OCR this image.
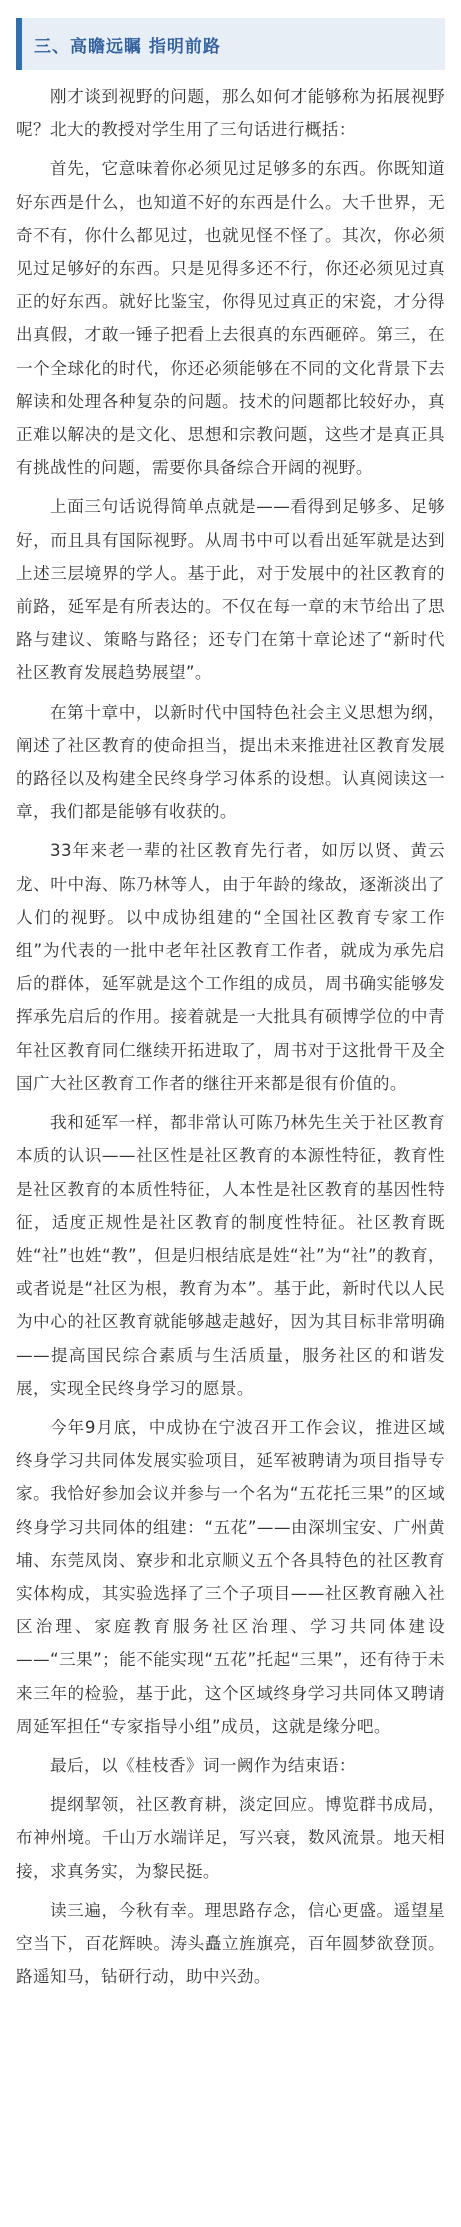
三、高瞻远瞩 指明前路

刚才谈到视野的问题，那么如何才能够称为拓展视野呢？北大的教授对学生用了三句话进行概括：

首先，它意味着你必须见过足够多的东西。你既知道好东西是什么，也知道不好的东西是什么。大千世界，无奇不有，你什么都见过，也就见怪不怪了。其次，你必须见过足够好的东西。只是见得多还不行，你还必须见过真正的好东西。就好比鉴宝，你得见过真正的宋瓷，才分得出真假，才敢一锤子把看上去很真的东西砸碎。第三，在一个全球化的时代，你还必须能够在不同的文化背景下去解读和处理各种复杂的问题。技术的问题都比较好办，真正难以解决的是文化、思想和宗教问题，这些才是真正具有挑战性的问题，需要你具备综合开阔的视野。

上面三句话说得简单点就是——看得到足够多、足够好，而且具有国际视野。从周书中可以看出延军就是达到上述三层境界的学人。基于此，对于发展中的社区教育的前路，延军是有所表达的。不仅在每一章的末节给出了思路与建议、策略与路径；还专门在第十章论述了“新时代社区教育发展趋势展望”。

在第十章中，以新时代中国特色社会主义思想为纲，阐述了社区教育的使命担当，提出未来推进社区教育发展的路径以及构建全民终身学习体系的设想。认真阅读这一章，我们都是能够有收获的。

33年来老一辈的社区教育先行者，如厉以贤、黄云龙、叶中海、陈乃林等人，由于年龄的缘故，逐渐淡出了人们的视野。以中成协组建的“全国社区教育专家工作组”为代表的一批中老年社区教育工作者，就成为承先启后的群体，延军就是这个工作组的成员，周书确实能够发挥承先启后的作用。接着就是一大批具有硕博学位的中青年社区教育同仁继续开拓进取了，周书对于这批骨干及全国广大社区教育工作者的继往开来都是很有价值的。

我和延军一样，都非常认可陈乃林先生关于社区教育本质的认识——社区性是社区教育的本源性特征，教育性是社区教育的本质性特征，人本性是社区教育的基因性特征，适度正规性是社区教育的制度性特征。社区教育既姓“社”也姓“教”，但是归根结底是姓“社”为“社”的教育，或者说是“社区为根，教育为本”。基于此，新时代以人民为中心的社区教育就能够越走越好，因为其目标非常明确——提高国民综合素质与生活质量，服务社区的和谐发展，实现全民终身学习的愿景。

今年9月底，中成协在宁波召开工作会议，推进区域终身学习共同体发展实验项目，延军被聘请为项目指导专家。我恰好参加会议并参与一个名为“五花托三果”的区域终身学习共同体的组建：“五花”——由深圳宝安、广州黄埔、东莞凤岗、寮步和北京顺义五个各具特色的社区教育实体构成，其实验选择了三个子项目——社区教育融入社区治理、家庭教育服务社区治理、学习共同体建设——“三果”；能不能实现“五花”托起“三果”，还有待于未来三年的检验，基于此，这个区域终身学习共同体又聘请周延军担任“专家指导小组”成员，这就是缘分吧。

最后，以《桂枝香》词一阙作为结束语：

提纲挈领，社区教育耕，淡定回应。博览群书成局，布神州境。千山万水端详足，写兴衰，数风流景。地天相接，求真务实，为黎民挺。

读三遍，今秋有幸。理思路存念，信心更盛。遥望星空当下，百花辉映。涛头矗立旌旗亮，百年圆梦欲登顶。路遥知马，钻研行动，助中兴劲。
